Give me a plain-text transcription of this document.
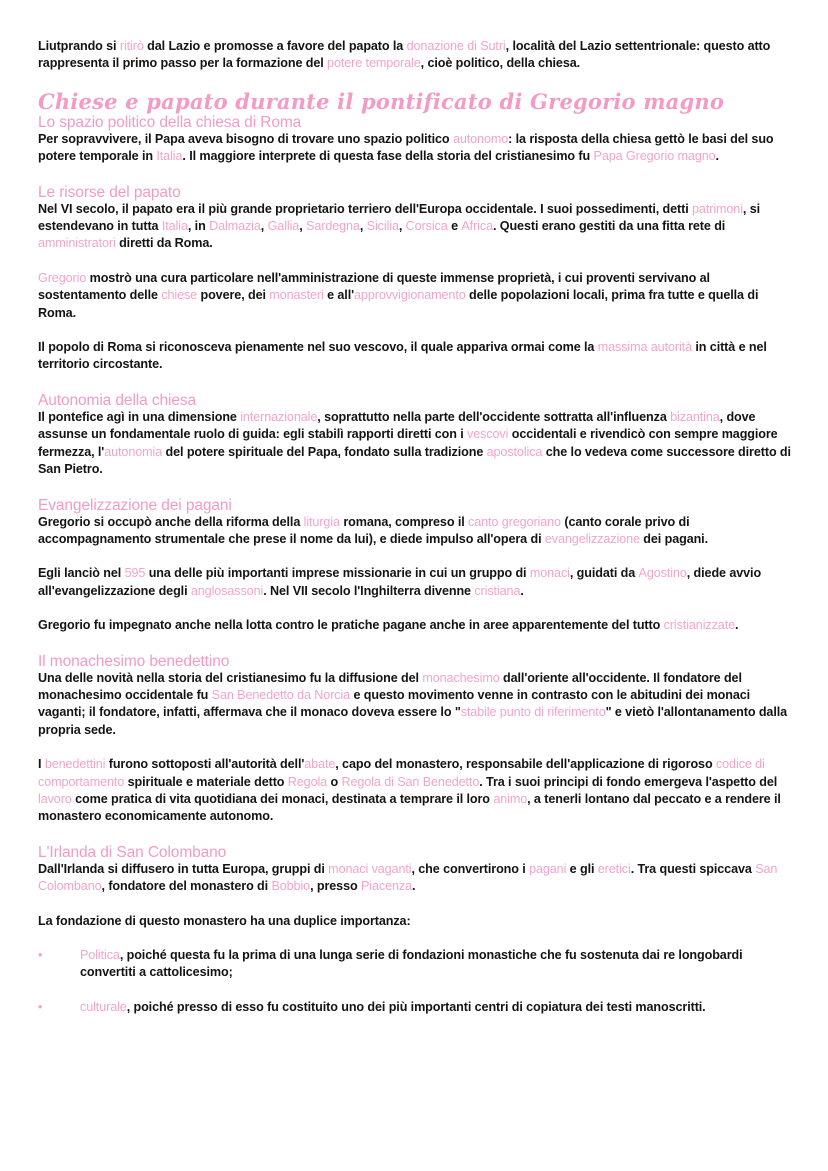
Liutprando si ritirò dal Lazio e promosse a favore del papato la donazione di Sutri, località del Lazio settentrionale: questo atto rappresenta il primo passo per la formazione del potere temporale, cioè politico, della chiesa.
Chiese e papato durante il pontificato di Gregorio magno
Lo spazio politico della chiesa di Roma
Per sopravvivere, il Papa aveva bisogno di trovare uno spazio politico autonomo: la risposta della chiesa gettò le basi del suo potere temporale in Italia. Il maggiore interprete di questa fase della storia del cristianesimo fu Papa Gregorio magno.
Le risorse del papato
Nel VI secolo, il papato era il più grande proprietario terriero dell'Europa occidentale. I suoi possedimenti, detti patrimoni, si estendevano in tutta Italia, in Dalmazia, Gallia, Sardegna, Sicilia, Corsica e Africa. Questi erano gestiti da una fitta rete di amministratori diretti da Roma.
Gregorio mostrò una cura particolare nell'amministrazione di queste immense proprietà, i cui proventi servivano al sostentamento delle chiese povere, dei monasteri e all'approvvigionamento delle popolazioni locali, prima fra tutte e quella di Roma.
Il popolo di Roma si riconosceva pienamente nel suo vescovo, il quale appariva ormai come la massima autorità in città e nel territorio circostante.
Autonomia della chiesa
Il pontefice agì in una dimensione internazionale, soprattutto nella parte dell'occidente sottratta all'influenza bizantina, dove assunse un fondamentale ruolo di guida: egli stabilì rapporti diretti con i vescovi occidentali e rivendicò con sempre maggiore fermezza, l'autonomia del potere spirituale del Papa, fondato sulla tradizione apostolica che lo vedeva come successore diretto di San Pietro.
Evangelizzazione dei pagani
Gregorio si occupò anche della riforma della liturgia romana, compreso il canto gregoriano (canto corale privo di accompagnamento strumentale che prese il nome da lui), e diede impulso all'opera di evangelizzazione dei pagani.
Egli lanciò nel 595 una delle più importanti imprese missionarie in cui un gruppo di monaci, guidati da Agostino, diede avvio all'evangelizzazione degli anglosassoni. Nel VII secolo l'Inghilterra divenne cristiana.
Gregorio fu impegnato anche nella lotta contro le pratiche pagane anche in aree apparentemente del tutto cristianizzate.
Il monachesimo benedettino
Una delle novità nella storia del cristianesimo fu la diffusione del monachesimo dall'oriente all'occidente. Il fondatore del monachesimo occidentale fu San Benedetto da Norcia e questo movimento venne in contrasto con le abitudini dei monaci vaganti; il fondatore, infatti, affermava che il monaco doveva essere lo "stabile punto di riferimento" e vietò l'allontanamento dalla propria sede.
I benedettini furono sottoposti all'autorità dell'abate, capo del monastero, responsabile dell'applicazione di rigoroso codice di comportamento spirituale e materiale detto Regola o Regola di San Benedetto. Tra i suoi principi di fondo emergeva l'aspetto del lavoro come pratica di vita quotidiana dei monaci, destinata a temprare il loro animo, a tenerli lontano dal peccato e a rendere il monastero economicamente autonomo.
L'Irlanda di San Colombano
Dall'Irlanda si diffusero in tutta Europa, gruppi di monaci vaganti, che convertirono i pagani e gli eretici. Tra questi spiccava San Colombano, fondatore del monastero di Bobbio, presso Piacenza.
La fondazione di questo monastero ha una duplice importanza:
•	Politica, poiché questa fu la prima di una lunga serie di fondazioni monastiche che fu sostenuta dai re longobardi convertiti a cattolicesimo;
•	culturale, poiché presso di esso fu costituito uno dei più importanti centri di copiatura dei testi manoscritti.
